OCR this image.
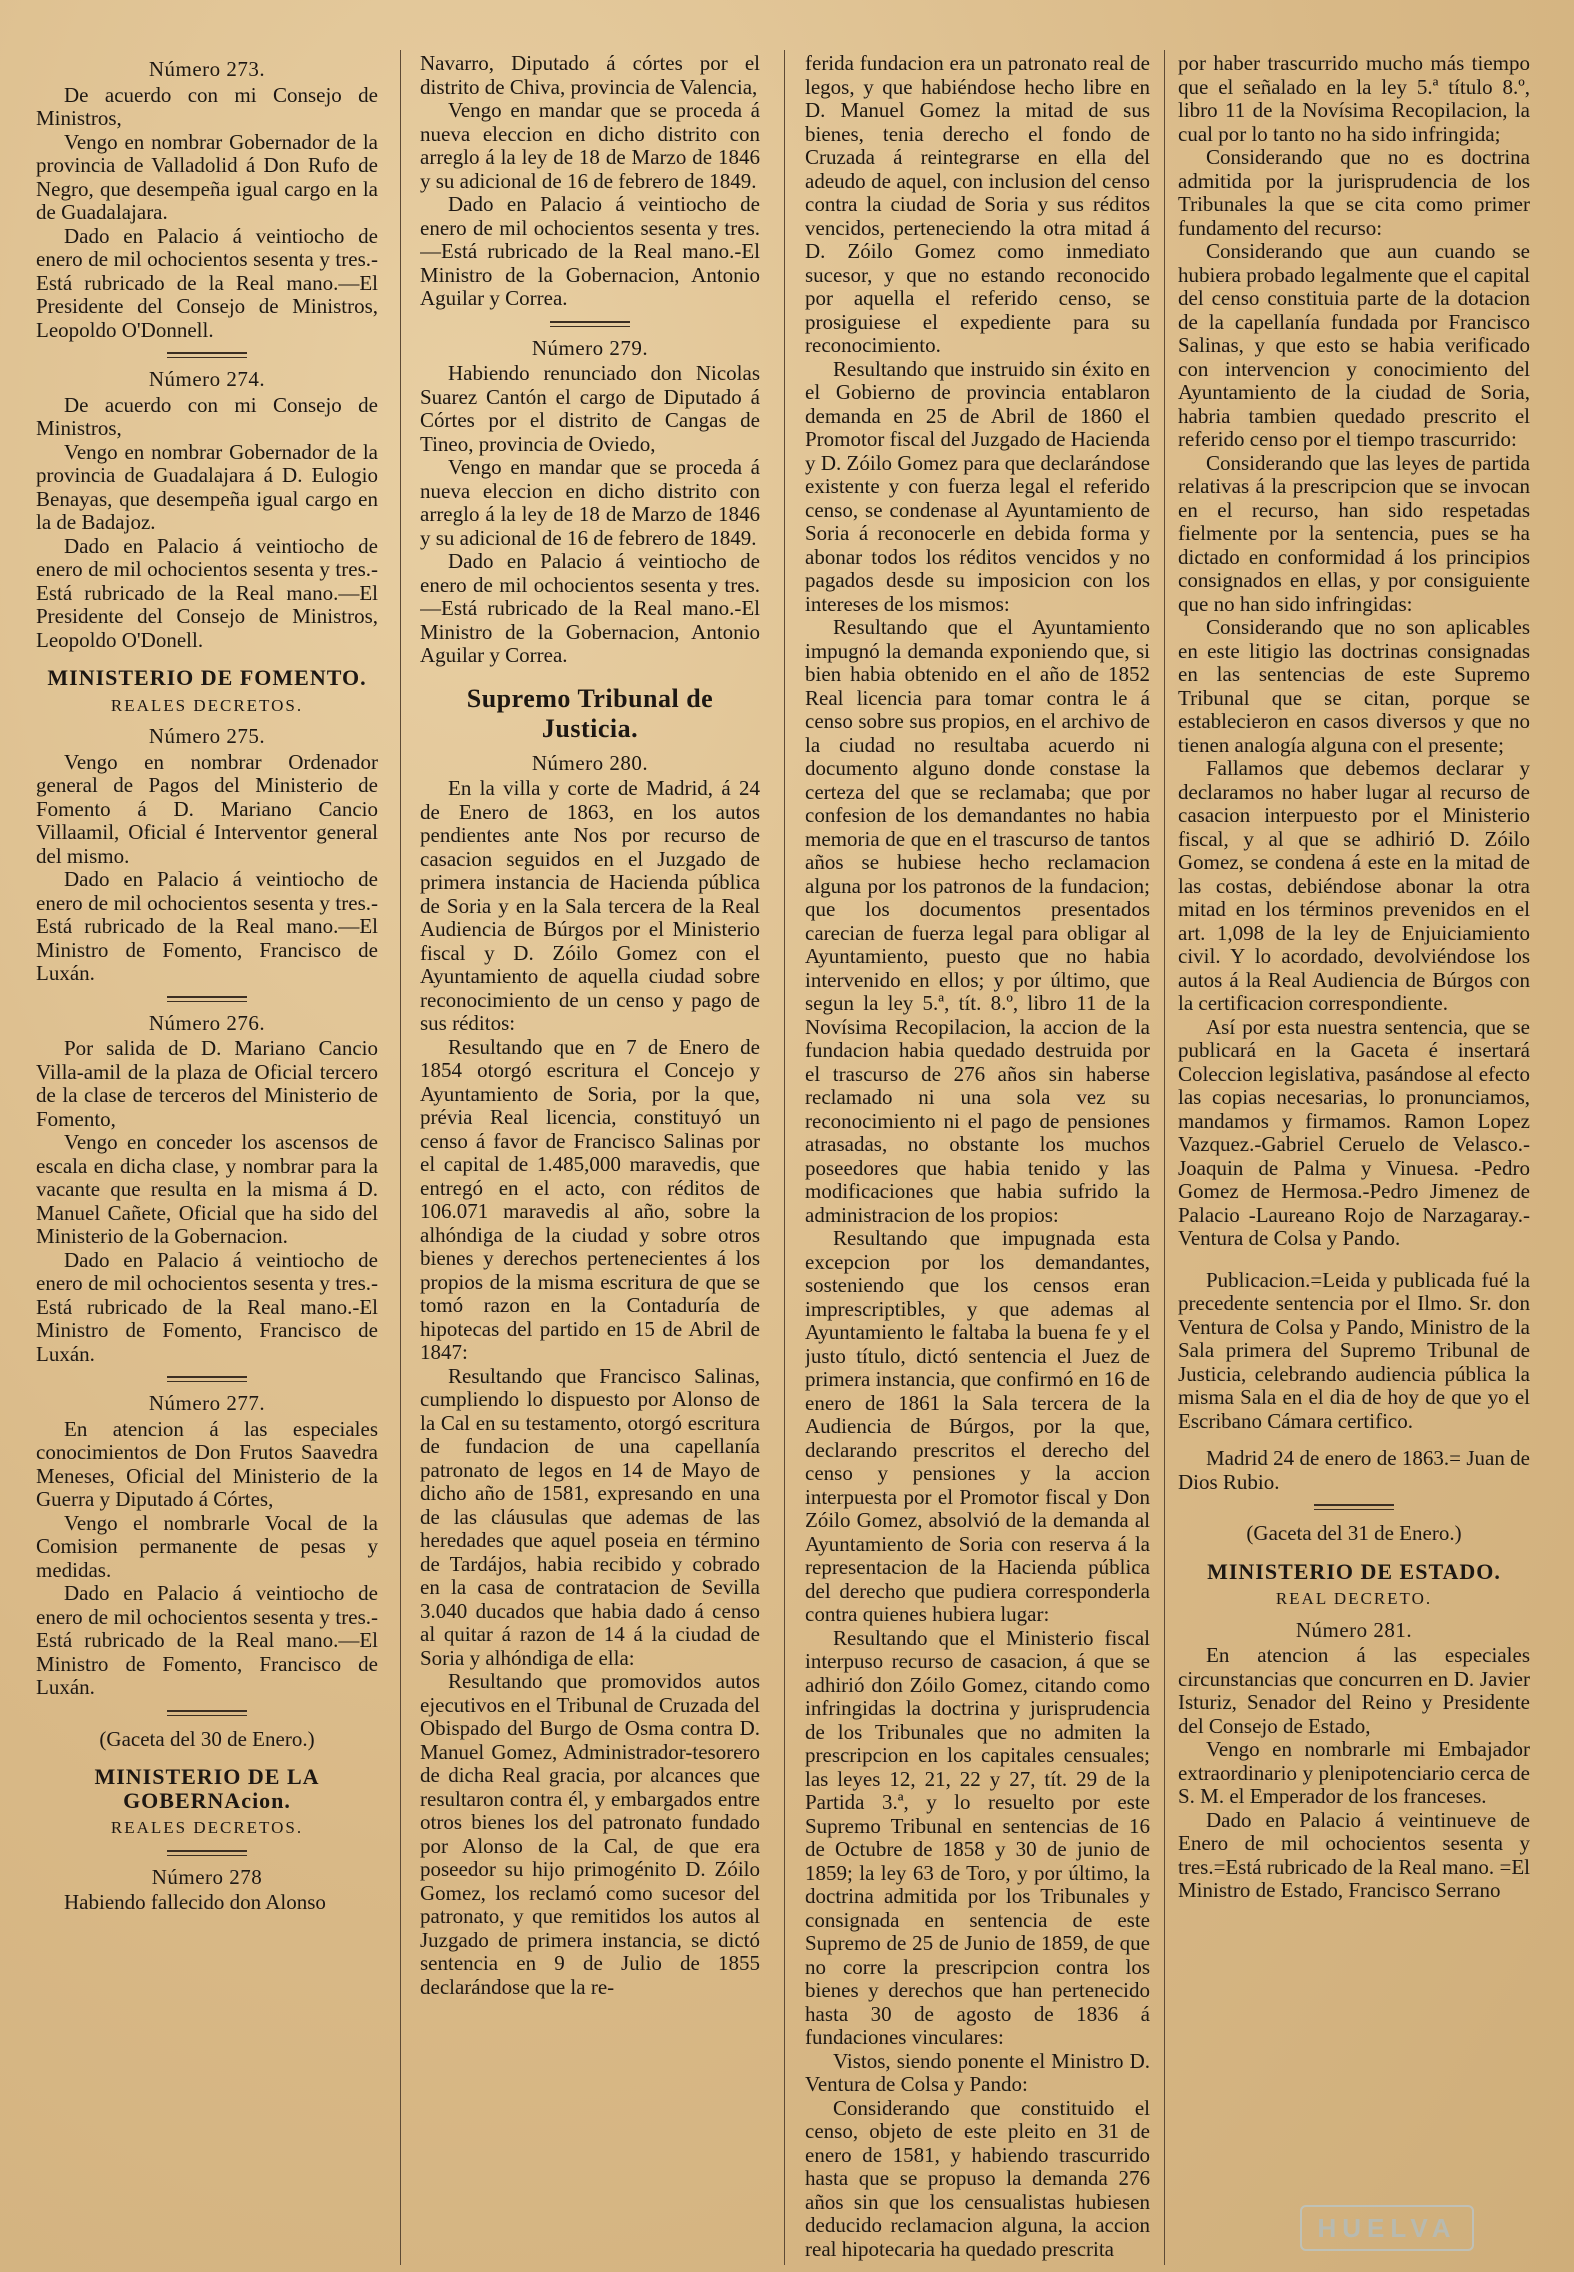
Número 273.

De acuerdo con mi Consejo de Ministros,

Vengo en nombrar Gobernador de la provincia de Valladolid á Don Rufo de Negro, que desempeña igual cargo en la de Guadalajara.

Dado en Palacio á veintiocho de enero de mil ochocientos sesenta y tres.-Está rubricado de la Real mano.—El Presidente del Consejo de Ministros, Leopoldo O'Donnell.

Número 274.

De acuerdo con mi Consejo de Ministros,

Vengo en nombrar Gobernador de la provincia de Guadalajara á D. Eulogio Benayas, que desempeña igual cargo en la de Badajoz.

Dado en Palacio á veintiocho de enero de mil ochocientos sesenta y tres.-Está rubricado de la Real mano.—El Presidente del Consejo de Ministros, Leopoldo O'Donell.

MINISTERIO DE FOMENTO.

REALES DECRETOS.

Número 275.

Vengo en nombrar Ordenador general de Pagos del Ministerio de Fomento á D. Mariano Cancio Villaamil, Oficial é Interventor general del mismo.

Dado en Palacio á veintiocho de enero de mil ochocientos sesenta y tres.-Está rubricado de la Real mano.—El Ministro de Fomento, Francisco de Luxán.

Número 276.

Por salida de D. Mariano Cancio Villa-amil de la plaza de Oficial tercero de la clase de terceros del Ministerio de Fomento,

Vengo en conceder los ascensos de escala en dicha clase, y nombrar para la vacante que resulta en la misma á D. Manuel Cañete, Oficial que ha sido del Ministerio de la Gobernacion.

Dado en Palacio á veintiocho de enero de mil ochocientos sesenta y tres.-Está rubricado de la Real mano.-El Ministro de Fomento, Francisco de Luxán.

Número 277.

En atencion á las especiales conocimientos de Don Frutos Saavedra Meneses, Oficial del Ministerio de la Guerra y Diputado á Córtes,

Vengo el nombrarle Vocal de la Comision permanente de pesas y medidas.

Dado en Palacio á veintiocho de enero de mil ochocientos sesenta y tres.-Está rubricado de la Real mano.—El Ministro de Fomento, Francisco de Luxán.

(Gaceta del 30 de Enero.)

MINISTERIO DE LA GOBERNAcion.

REALES DECRETOS.

Número 278

Habiendo fallecido don Alonso

Navarro, Diputado á córtes por el distrito de Chiva, provincia de Valencia,

Vengo en mandar que se proceda á nueva eleccion en dicho distrito con arreglo á la ley de 18 de Marzo de 1846 y su adicional de 16 de febrero de 1849.

Dado en Palacio á veintiocho de enero de mil ochocientos sesenta y tres.—Está rubricado de la Real mano.-El Ministro de la Gobernacion, Antonio Aguilar y Correa.

Número 279.

Habiendo renunciado don Nicolas Suarez Cantón el cargo de Diputado á Córtes por el distrito de Cangas de Tineo, provincia de Oviedo,

Vengo en mandar que se proceda á nueva eleccion en dicho distrito con arreglo á la ley de 18 de Marzo de 1846 y su adicional de 16 de febrero de 1849.

Dado en Palacio á veintiocho de enero de mil ochocientos sesenta y tres.—Está rubricado de la Real mano.-El Ministro de la Gobernacion, Antonio Aguilar y Correa.

Supremo Tribunal de Justicia.

Número 280.

En la villa y corte de Madrid, á 24 de Enero de 1863, en los autos pendientes ante Nos por recurso de casacion seguidos en el Juzgado de primera instancia de Hacienda pública de Soria y en la Sala tercera de la Real Audiencia de Búrgos por el Ministerio fiscal y D. Zóilo Gomez con el Ayuntamiento de aquella ciudad sobre reconocimiento de un censo y pago de sus réditos:

Resultando que en 7 de Enero de 1854 otorgó escritura el Concejo y Ayuntamiento de Soria, por la que, prévia Real licencia, constituyó un censo á favor de Francisco Salinas por el capital de 1.485,000 maravedis, que entregó en el acto, con réditos de 106.071 maravedis al año, sobre la alhóndiga de la ciudad y sobre otros bienes y derechos pertenecientes á los propios de la misma escritura de que se tomó razon en la Contaduría de hipotecas del partido en 15 de Abril de 1847:

Resultando que Francisco Salinas, cumpliendo lo dispuesto por Alonso de la Cal en su testamento, otorgó escritura de fundacion de una capellanía patronato de legos en 14 de Mayo de dicho año de 1581, expresando en una de las cláusulas que ademas de las heredades que aquel poseia en término de Tardájos, habia recibido y cobrado en la casa de contratacion de Sevilla 3.040 ducados que habia dado á censo al quitar á razon de 14 á la ciudad de Soria y alhóndiga de ella:

Resultando que promovidos autos ejecutivos en el Tribunal de Cruzada del Obispado del Burgo de Osma contra D. Manuel Gomez, Administrador-tesorero de dicha Real gracia, por alcances que resultaron contra él, y embargados entre otros bienes los del patronato fundado por Alonso de la Cal, de que era poseedor su hijo primogénito D. Zóilo Gomez, los reclamó como sucesor del patronato, y que remitidos los autos al Juzgado de primera instancia, se dictó sentencia en 9 de Julio de 1855 declarándose que la re-

ferida fundacion era un patronato real de legos, y que habiéndose hecho libre en D. Manuel Gomez la mitad de sus bienes, tenia derecho el fondo de Cruzada á reintegrarse en ella del adeudo de aquel, con inclusion del censo contra la ciudad de Soria y sus réditos vencidos, perteneciendo la otra mitad á D. Zóilo Gomez como inmediato sucesor, y que no estando reconocido por aquella el referido censo, se prosiguiese el expediente para su reconocimiento.

Resultando que instruido sin éxito en el Gobierno de provincia entablaron demanda en 25 de Abril de 1860 el Promotor fiscal del Juzgado de Hacienda y D. Zóilo Gomez para que declarándose existente y con fuerza legal el referido censo, se condenase al Ayuntamiento de Soria á reconocerle en debida forma y abonar todos los réditos vencidos y no pagados desde su imposicion con los intereses de los mismos:

Resultando que el Ayuntamiento impugnó la demanda exponiendo que, si bien habia obtenido en el año de 1852 Real licencia para tomar contra le á censo sobre sus propios, en el archivo de la ciudad no resultaba acuerdo ni documento alguno donde constase la certeza del que se reclamaba; que por confesion de los demandantes no habia memoria de que en el trascurso de tantos años se hubiese hecho reclamacion alguna por los patronos de la fundacion; que los documentos presentados carecian de fuerza legal para obligar al Ayuntamiento, puesto que no habia intervenido en ellos; y por último, que segun la ley 5.ª, tít. 8.º, libro 11 de la Novísima Recopilacion, la accion de la fundacion habia quedado destruida por el trascurso de 276 años sin haberse reclamado ni una sola vez su reconocimiento ni el pago de pensiones atrasadas, no obstante los muchos poseedores que habia tenido y las modificaciones que habia sufrido la administracion de los propios:

Resultando que impugnada esta excepcion por los demandantes, sosteniendo que los censos eran imprescriptibles, y que ademas al Ayuntamiento le faltaba la buena fe y el justo título, dictó sentencia el Juez de primera instancia, que confirmó en 16 de enero de 1861 la Sala tercera de la Audiencia de Búrgos, por la que, declarando prescritos el derecho del censo y pensiones y la accion interpuesta por el Promotor fiscal y Don Zóilo Gomez, absolvió de la demanda al Ayuntamiento de Soria con reserva á la representacion de la Hacienda pública del derecho que pudiera corresponderla contra quienes hubiera lugar:

Resultando que el Ministerio fiscal interpuso recurso de casacion, á que se adhirió don Zóilo Gomez, citando como infringidas la doctrina y jurisprudencia de los Tribunales que no admiten la prescripcion en los capitales censuales; las leyes 12, 21, 22 y 27, tít. 29 de la Partida 3.ª, y lo resuelto por este Supremo Tribunal en sentencias de 16 de Octubre de 1858 y 30 de junio de 1859; la ley 63 de Toro, y por último, la doctrina admitida por los Tribunales y consignada en sentencia de este Supremo de 25 de Junio de 1859, de que no corre la prescripcion contra los bienes y derechos que han pertenecido hasta 30 de agosto de 1836 á fundaciones vinculares:

Vistos, siendo ponente el Ministro D. Ventura de Colsa y Pando:

Considerando que constituido el censo, objeto de este pleito en 31 de enero de 1581, y habiendo trascurrido hasta que se propuso la demanda 276 años sin que los censualistas hubiesen deducido reclamacion alguna, la accion real hipotecaria ha quedado prescrita

por haber trascurrido mucho más tiempo que el señalado en la ley 5.ª título 8.º, libro 11 de la Novísima Recopilacion, la cual por lo tanto no ha sido infringida;

Considerando que no es doctrina admitida por la jurisprudencia de los Tribunales la que se cita como primer fundamento del recurso:

Considerando que aun cuando se hubiera probado legalmente que el capital del censo constituia parte de la dotacion de la capellanía fundada por Francisco Salinas, y que esto se habia verificado con intervencion y conocimiento del Ayuntamiento de la ciudad de Soria, habria tambien quedado prescrito el referido censo por el tiempo trascurrido:

Considerando que las leyes de partida relativas á la prescripcion que se invocan en el recurso, han sido respetadas fielmente por la sentencia, pues se ha dictado en conformidad á los principios consignados en ellas, y por consiguiente que no han sido infringidas:

Considerando que no son aplicables en este litigio las doctrinas consignadas en las sentencias de este Supremo Tribunal que se citan, porque se establecieron en casos diversos y que no tienen analogía alguna con el presente;

Fallamos que debemos declarar y declaramos no haber lugar al recurso de casacion interpuesto por el Ministerio fiscal, y al que se adhirió D. Zóilo Gomez, se condena á este en la mitad de las costas, debiéndose abonar la otra mitad en los términos prevenidos en el art. 1,098 de la ley de Enjuiciamiento civil. Y lo acordado, devolviéndose los autos á la Real Audiencia de Búrgos con la certificacion correspondiente.

Así por esta nuestra sentencia, que se publicará en la Gaceta é insertará Coleccion legislativa, pasándose al efecto las copias necesarias, lo pronunciamos, mandamos y firmamos. Ramon Lopez Vazquez.-Gabriel Ceruelo de Velasco.-Joaquin de Palma y Vinuesa. -Pedro Gomez de Hermosa.-Pedro Jimenez de Palacio -Laureano Rojo de Narzagaray.-Ventura de Colsa y Pando.

Publicacion.=Leida y publicada fué la precedente sentencia por el Ilmo. Sr. don Ventura de Colsa y Pando, Ministro de la Sala primera del Supremo Tribunal de Justicia, celebrando audiencia pública la misma Sala en el dia de hoy de que yo el Escribano Cámara certifico.

Madrid 24 de enero de 1863.= Juan de Dios Rubio.

(Gaceta del 31 de Enero.)

MINISTERIO DE ESTADO.

REAL DECRETO.

Número 281.

En atencion á las especiales circunstancias que concurren en D. Javier Isturiz, Senador del Reino y Presidente del Consejo de Estado,

Vengo en nombrarle mi Embajador extraordinario y plenipotenciario cerca de S. M. el Emperador de los franceses.

Dado en Palacio á veintinueve de Enero de mil ochocientos sesenta y tres.=Está rubricado de la Real mano. =El Ministro de Estado, Francisco Serrano

HUELVA
